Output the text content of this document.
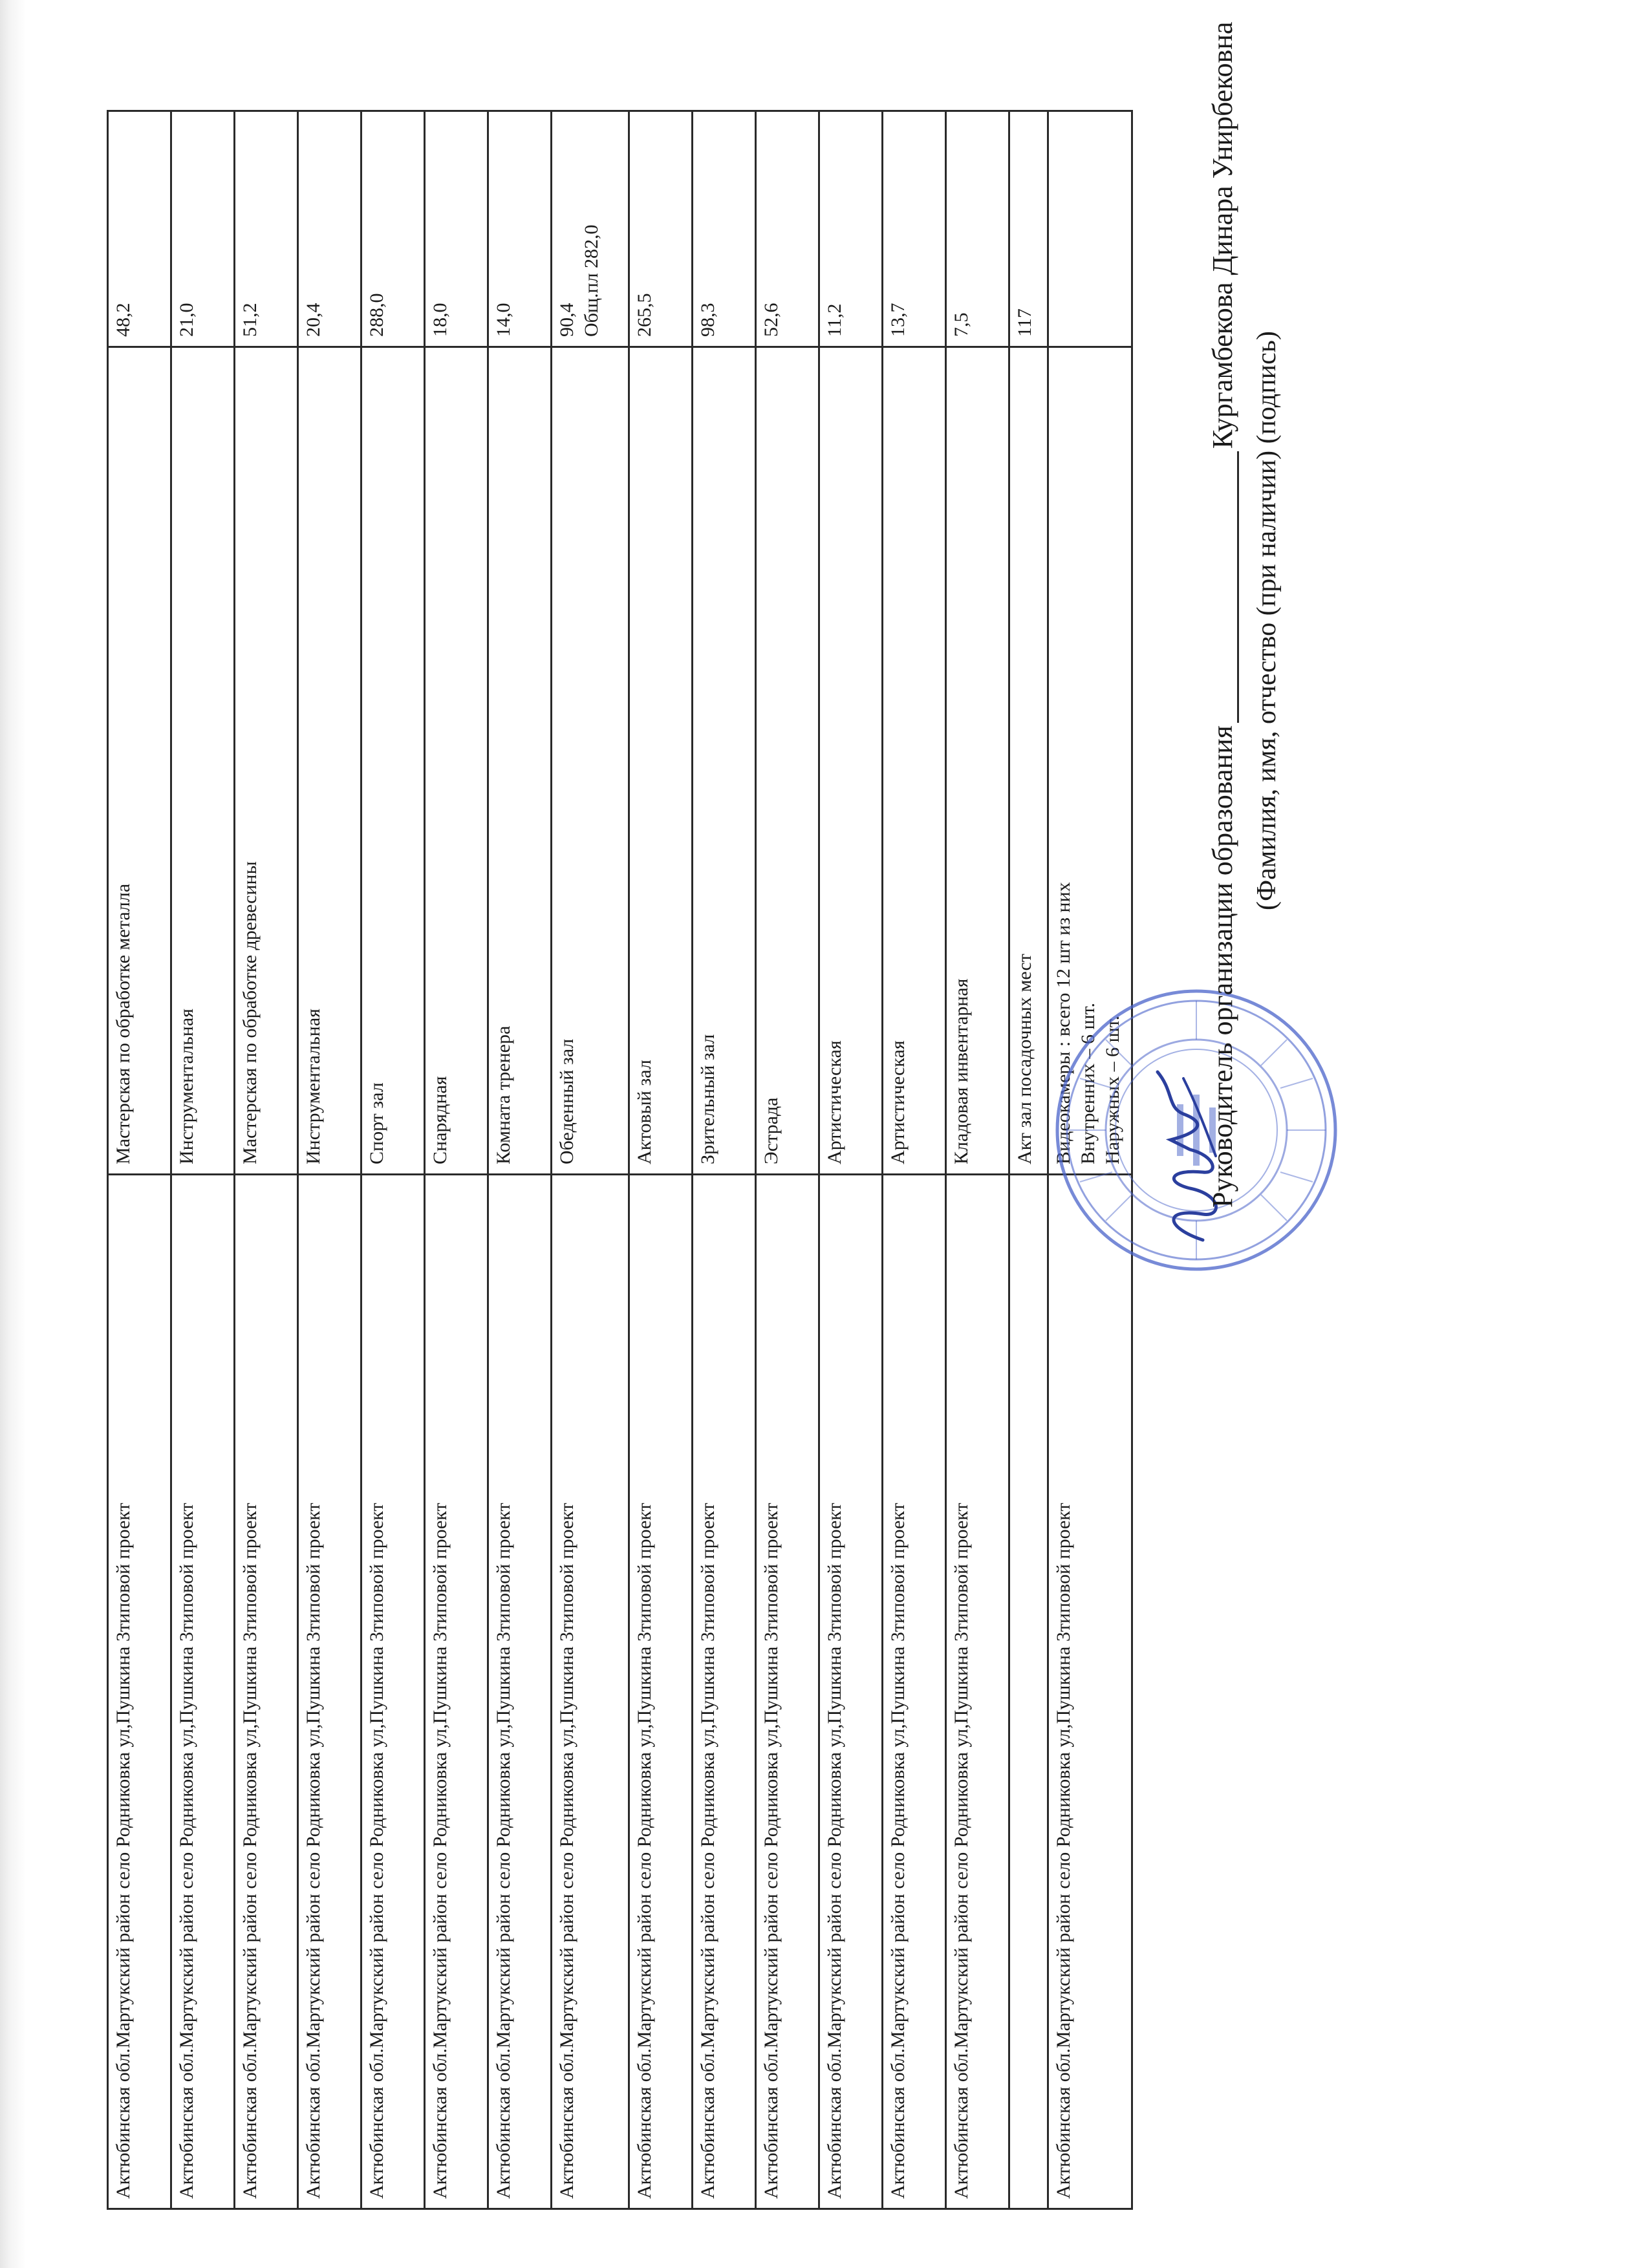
Актюбинская обл.Мартукский район село Родниковка ул,Пушкина 3типовой проект	Мастерская по обработке металла	48,2

Актюбинская обл.Мартукский район село Родниковка ул,Пушкина 3типовой проект	Инструментальная	21,0

Актюбинская обл.Мартукский район село Родниковка ул,Пушкина 3типовой проект	Мастерская по обработке древесины	51,2

Актюбинская обл.Мартукский район село Родниковка ул,Пушкина 3типовой проект	Инструментальная	20,4

Актюбинская обл.Мартукский район село Родниковка ул,Пушкина 3типовой проект	Спорт зал	288,0

Актюбинская обл.Мартукский район село Родниковка ул,Пушкина 3типовой проект	Снарядная	18,0

Актюбинская обл.Мартукский район село Родниковка ул,Пушкина 3типовой проект	Комната тренера	14,0

Актюбинская обл.Мартукский район село Родниковка ул,Пушкина 3типовой проект	Обеденный зал	90,4 Общ.пл 282,0

Актюбинская обл.Мартукский район село Родниковка ул,Пушкина 3типовой проект	Актовый зал	265,5

Актюбинская обл.Мартукский район село Родниковка ул,Пушкина 3типовой проект	Зрительный зал	98,3

Актюбинская обл.Мартукский район село Родниковка ул,Пушкина 3типовой проект	Эстрада	52,6

Актюбинская обл.Мартукский район село Родниковка ул,Пушкина 3типовой проект	Артистическая	11,2

Актюбинская обл.Мартукский район село Родниковка ул,Пушкина 3типовой проект	Артистическая	13,7

Актюбинская обл.Мартукский район село Родниковка ул,Пушкина 3типовой проект	Кладовая инвентарная	7,5

	Акт зал посадочных мест	117

Актюбинская обл.Мартукский район село Родниковка ул,Пушкина 3типовой проект	Видеокамеры : всего 12 шт из них Внутренних – 6 шт. Наружных – 6 шт.	
		Руководитель организации образованияКургамбекова Динара Унирбековна
(Фамилия, имя, отчество (при наличии) (подпись)
